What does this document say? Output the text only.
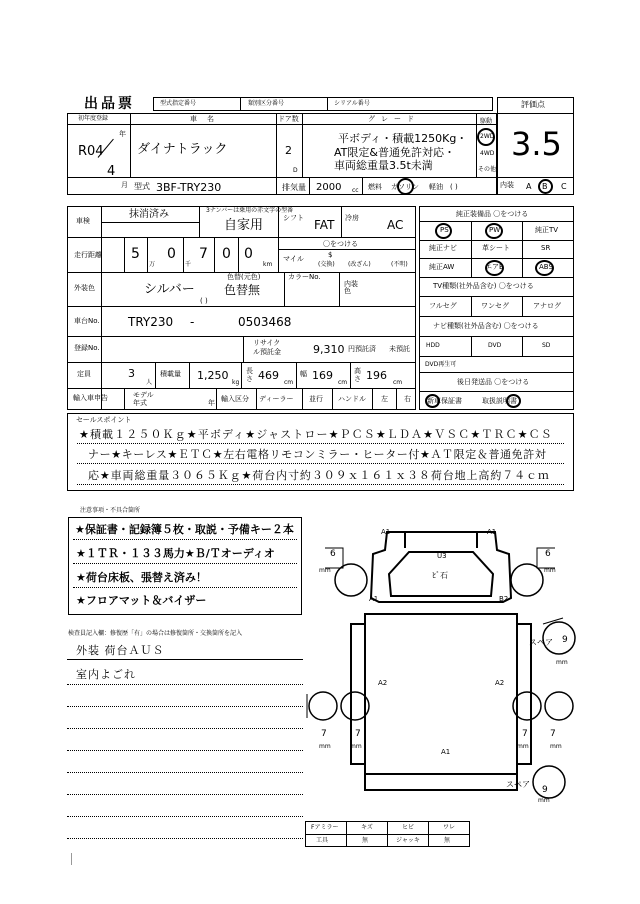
出品票	型式指定番号	類別区分番号	シリアル番号	評価点
3.5
内装 A B C
初年度登録
年
R04
4
月
車名
ダイナトラック
ドア数
2
D
グレード
平ボディ・積載1250Kg・
AT限定&普通免許対応・
車両総重量3.5t未満
駆動
2WD
4WD
その他
型式 3BF-TRY230	排気量 2000 cc 燃料 ガソリン 軽油 ( )
車検
抹消済み	3ナンバーは乗用の赤文字の型番
自家用	シフト FAT 冷房 AC
走行距離 5
万
0
千
7 0 0
km
〇をつける
マイル	$
(交換) (改ざん)	(不明)
外装色	シルバー
色替(元色)
色替無
( )
カラーNo.
内装色
車台No. TRY230 -	0503468
登録No.
リサイクル預託金	9,310 円預託済 未預託
定員	3
人
積載量 1,250
kg
長さ 469
cm
幅 169
cm
高さ 196
cm
輸入車申告	モデル年式	年 輸入区分 ディーラー 並行 ハンドル 左 右
純正装備品 〇をつける
PS	PW	純正TV
純正ナビ	革シート	SR
純正AW	エアB	ABS
TV種類(社外品含む) 〇をつける
フルセグ	ワンセグ	アナログ
ナビ種類(社外品含む) 〇をつける
HDD	DVD	SD
DVD再生可
後日発送品 〇をつける
新車保証書	取扱説明書
セールスポイント
★積載１２５０Ｋｇ★平ボディ★ジャストロー★ＰＣＳ★ＬＤＡ★ＶＳＣ★ＴＲＣ★ＣＳ
ナー★キーレス★ＥＴＣ★左右電格リモコンミラー・ヒーター付★ＡＴ限定＆普通免許対
応★車両総重量３０６５Ｋｇ★荷台内寸約３０９ｘ１６１ｘ３８荷台地上高約７４ｃｍ
注意事項・不具合箇所
★保証書・記録簿５枚・取説・予備キー２本
★１ＴＲ・１３３馬力★Ｂ/Ｔオーディオ
★荷台床板、張替え済み！
★フロアマット＆バイザー
検査員記入欄：修復歴「有」の場合は修復箇所・交換箇所を記入
外装 荷台ＡＵＳ
室内よごれ
A1
U3
ﾋﾞ石
A1
B2
A2	A2
A1
A1
6
mm
6
mm
スペア 9
mm
7
mm
7
mm
7
mm
7
mm
スペア
9
mm
Fアミラー	キズ	ヒビ	ワレ
工具	無	ジャッキ	無
